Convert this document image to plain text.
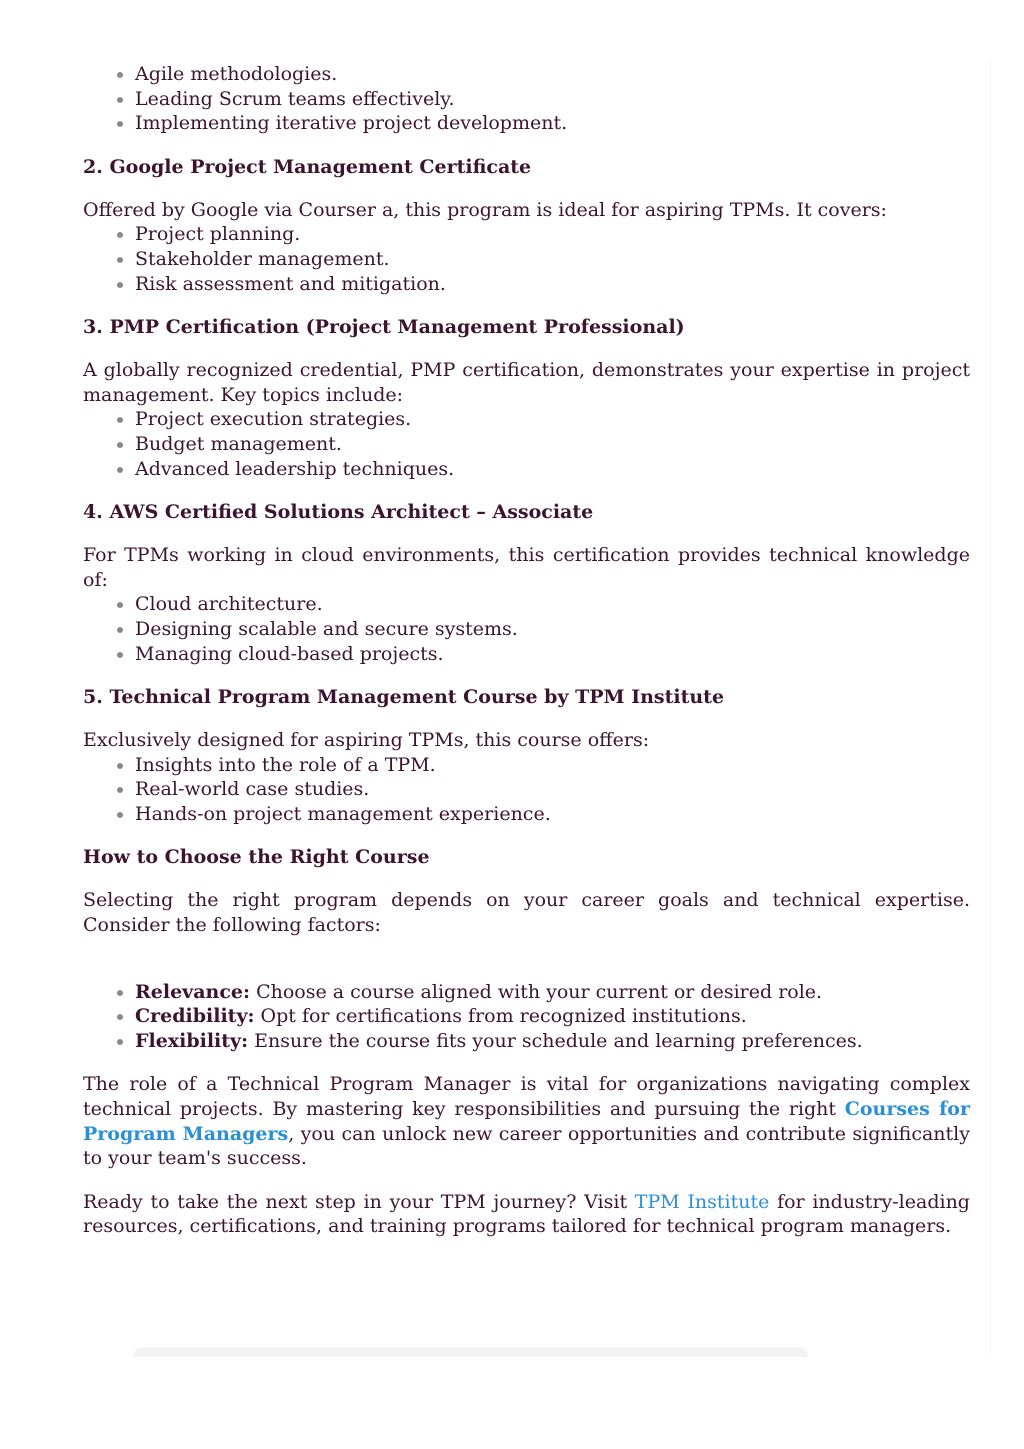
Agile methodologies.
Leading Scrum teams effectively.
Implementing iterative project development.
2. Google Project Management Certificate

Offered by Google via Courser a, this program is ideal for aspiring TPMs. It covers:

Project planning.
Stakeholder management.
Risk assessment and mitigation.
3. PMP Certification (Project Management Professional)

A globally recognized credential, PMP certification, demonstrates your expertise in project management. Key topics include:

Project execution strategies.
Budget management.
Advanced leadership techniques.
4. AWS Certified Solutions Architect – Associate

For TPMs working in cloud environments, this certification provides technical knowledge of:

Cloud architecture.
Designing scalable and secure systems.
Managing cloud-based projects.
5. Technical Program Management Course by TPM Institute

Exclusively designed for aspiring TPMs, this course offers:

Insights into the role of a TPM.
Real-world case studies.
Hands-on project management experience.
How to Choose the Right Course

Selecting the right program depends on your career goals and technical expertise. Consider the following factors:

Relevance: Choose a course aligned with your current or desired role.
Credibility: Opt for certifications from recognized institutions.
Flexibility: Ensure the course fits your schedule and learning preferences.

The role of a Technical Program Manager is vital for organizations navigating complex technical projects. By mastering key responsibilities and pursuing the right Courses for Program Managers, you can unlock new career opportunities and contribute significantly to your team's success.

Ready to take the next step in your TPM journey? Visit TPM Institute for industry-leading resources, certifications, and training programs tailored for technical program managers.
